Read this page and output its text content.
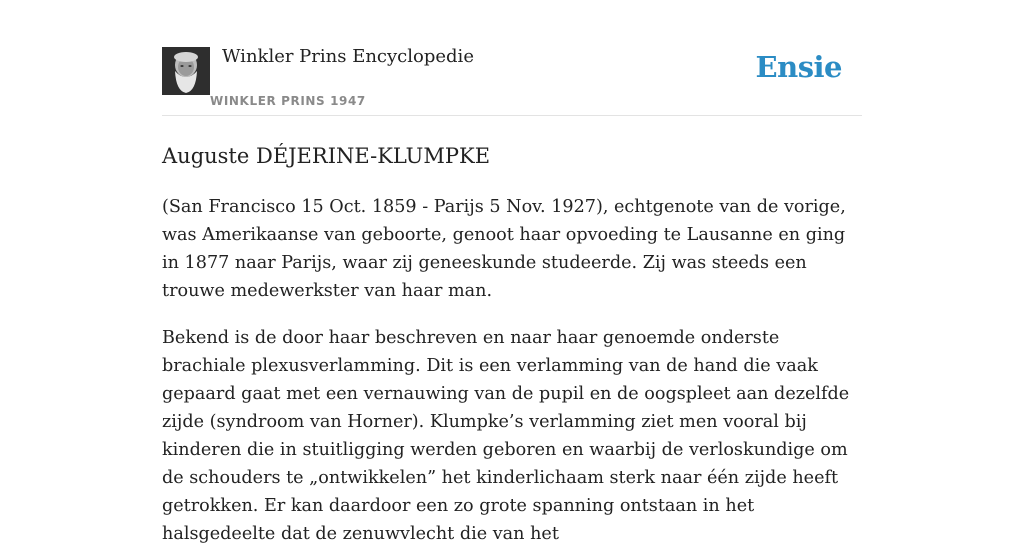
Winkler Prins Encyclopedie
WINKLER PRINS 1947
Ensie
Auguste DÉJERINE-KLUMPKE

(San Francisco 15 Oct. 1859 - Parijs 5 Nov. 1927), echtgenote van de vorige, was Amerikaanse van geboorte, genoot haar opvoeding te Lausanne en ging in 1877 naar Parijs, waar zij geneeskunde studeerde. Zij was steeds een trouwe medewerkster van haar man.

Bekend is de door haar beschreven en naar haar genoemde onderste brachiale plexusverlamming. Dit is een verlamming van de hand die vaak gepaard gaat met een vernauwing van de pupil en de oogspleet aan dezelfde zijde (syndroom van Horner). Klumpke’s verlamming ziet men vooral bij kinderen die in stuitligging werden geboren en waarbij de verloskundige om de schouders te „ontwikkelen” het kinderlichaam sterk naar één zijde heeft getrokken. Er kan daardoor een zo grote spanning ontstaan in het halsgedeelte dat de zenuwvlecht die van het
